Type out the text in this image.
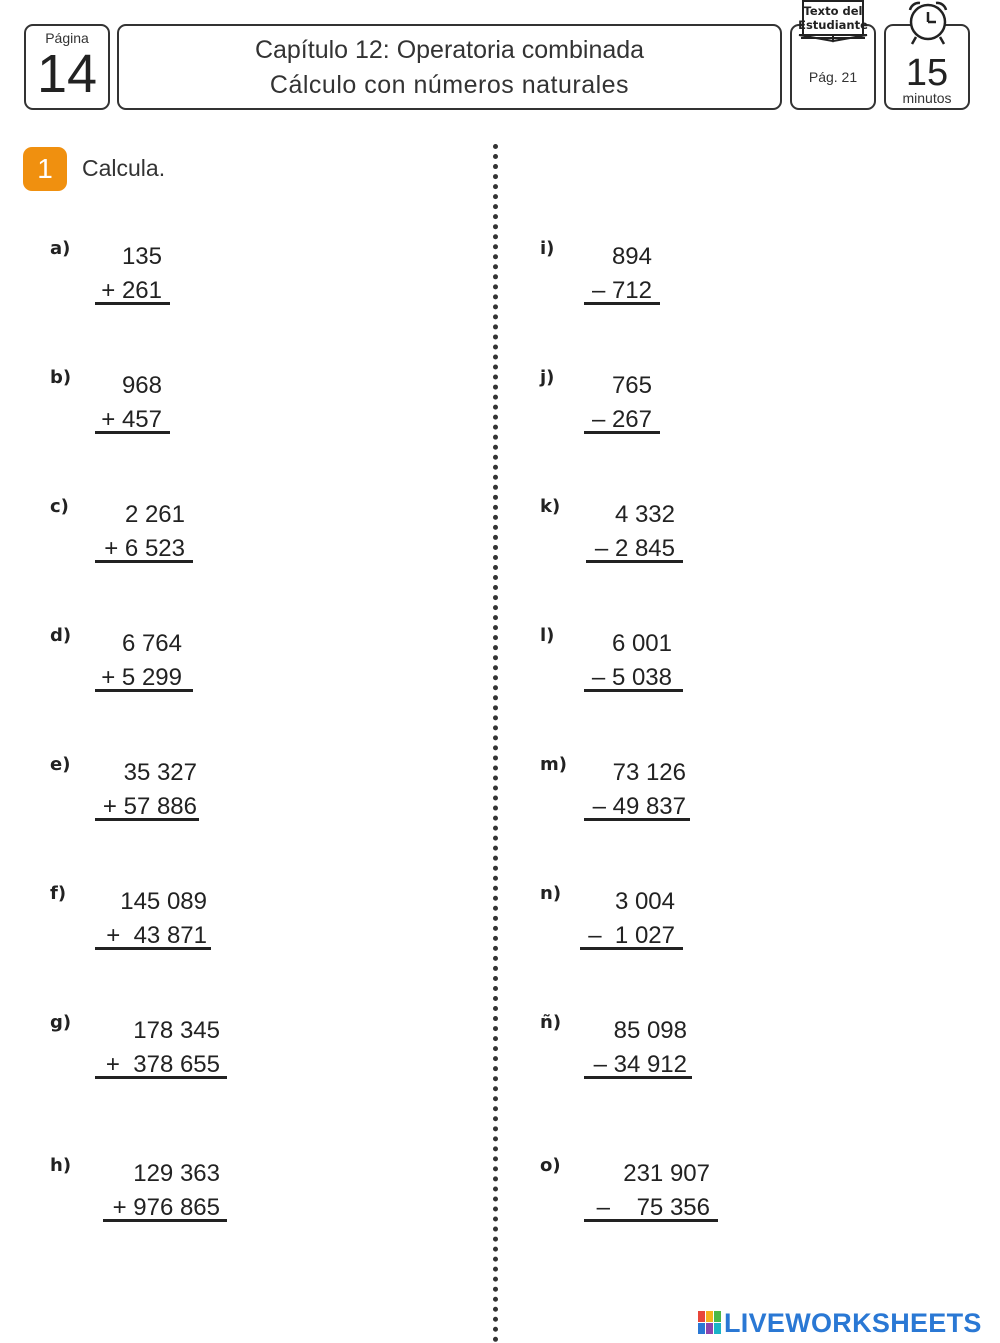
Página
14	Capítulo 12: Operatoria combinada
Cálculo con números naturales	Pág. 21
Texto del
Estudiante
15
minutos
1	Calcula.
a)	135
+ 261
b)	968
+ 457
c)	2 261
+ 6 523
d)	6 764
+ 5 299
e)	35 327
+ 57 886
f)	145 089
+  43 871
g)	178 345
+  378 655
h)	129 363
+ 976 865
i)	894
– 712
j)	765
– 267
k)	4 332
– 2 845
l)	6 001
– 5 038
m)	73 126
– 49 837
n)	3 004
–  1 027
ñ)	85 098
– 34 912
o)	231 907
–    75 356
LIVEWORKSHEETS
